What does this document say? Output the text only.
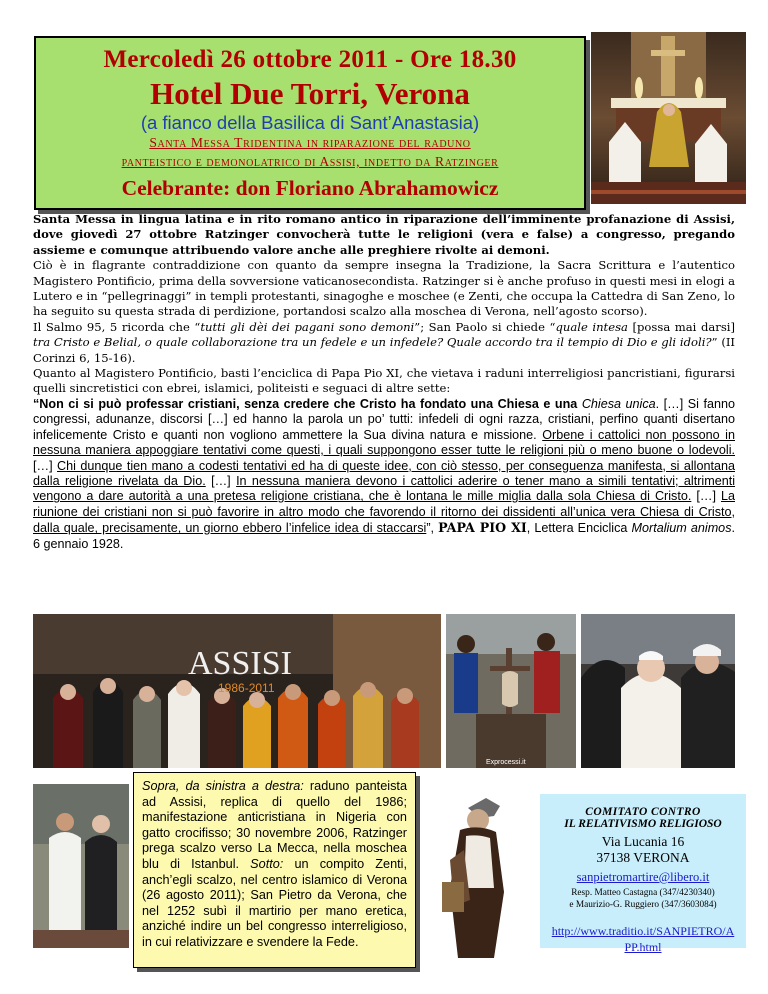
Mercoledì 26 ottobre 2011 - Ore 18.30
Hotel Due Torri, Verona
(a fianco della Basilica di Sant’Anastasia)
Santa Messa Tridentina in riparazione del raduno
panteistico e demonolatrico di Assisi, indetto da Ratzinger
Celebrante: don Floriano Abrahamowicz

Santa Messa in lingua latina e in rito romano antico in riparazione dell’imminente profanazione di Assisi, dove giovedì 27 ottobre Ratzinger convocherà tutte le religioni (vera e false) a congresso, pregando assieme e comunque attribuendo valore anche alle preghiere rivolte ai demoni.

Ciò è in flagrante contraddizione con quanto da sempre insegna la Tradizione, la Sacra Scrittura e l’autentico Magistero Pontificio, prima della sovversione vaticanosecondista. Ratzinger si è anche profuso in questi mesi in elogi a Lutero e in “pellegrinaggi” in templi protestanti, sinagoghe e moschee (e Zenti, che occupa la Cattedra di San Zeno, lo ha seguito su questa strada di perdizione, portandosi scalzo alla moschea di Verona, nell’agosto scorso).

Il Salmo 95, 5 ricorda che “tutti gli dèi dei pagani sono demoni”; San Paolo si chiede “quale intesa [possa mai darsi] tra Cristo e Belial, o quale collaborazione tra un fedele e un infedele? Quale accordo tra il tempio di Dio e gli idoli?” (II Corinzi 6, 15-16).

Quanto al Magistero Pontificio, basti l’enciclica di Papa Pio XI, che vietava i raduni interreligiosi pancristiani, figurarsi quelli sincretistici con ebrei, islamici, politeisti e seguaci di altre sette:

“Non ci si può professar cristiani, senza credere che Cristo ha fondato una Chiesa e una Chiesa unica. […] Si fanno congressi, adunanze, discorsi […] ed hanno la parola un po’ tutti: infedeli di ogni razza, cristiani, perfino quanti disertano infelicemente Cristo e quanti non vogliono ammettere la Sua divina natura e missione. Orbene i cattolici non possono in nessuna maniera appoggiare tentativi come questi, i quali suppongono esser tutte le religioni più o meno buone o lodevoli. […] Chi dunque tien mano a codesti tentativi ed ha di queste idee, con ciò stesso, per conseguenza manifesta, si allontana dalla religione rivelata da Dio. […] In nessuna maniera devono i cattolici aderire o tener mano a simili tentativi; altrimenti vengono a dare autorità a una pretesa religione cristiana, che è lontana le mille miglia dalla sola Chiesa di Cristo. […] La riunione dei cristiani non si può favorire in altro modo che favorendo il ritorno dei dissidenti all’unica vera Chiesa di Cristo, dalla quale, precisamente, un giorno ebbero l’infelice idea di staccarsi”, PAPA PIO XI, Lettera Enciclica Mortalium animos. 6 gennaio 1928.

ASSISI
1986-2011
Exprocessi.it
Sopra, da sinistra a destra: raduno panteista ad Assisi, replica di quello del 1986; manifestazione anticristiana in Nigeria con gatto crocifisso; 30 novembre 2006, Ratzinger prega scalzo verso La Mecca, nella moschea blu di Istanbul. Sotto: un compito Zenti, anch’egli scalzo, nel centro islamico di Verona (26 agosto 2011); San Pietro da Verona, che nel 1252 subì il martirio per mano eretica, anziché indire un bel congresso interreligioso, in cui relativizzare e svendere la Fede.
COMITATO CONTRO
IL RELATIVISMO RELIGIOSO
Via Lucania 16
37138 VERONA
sanpietromartire@libero.it
Resp. Matteo Castagna (347/4230340)
e Maurizio-G. Ruggiero (347/3603084)
http://www.traditio.it/SANPIETRO/APP.html
